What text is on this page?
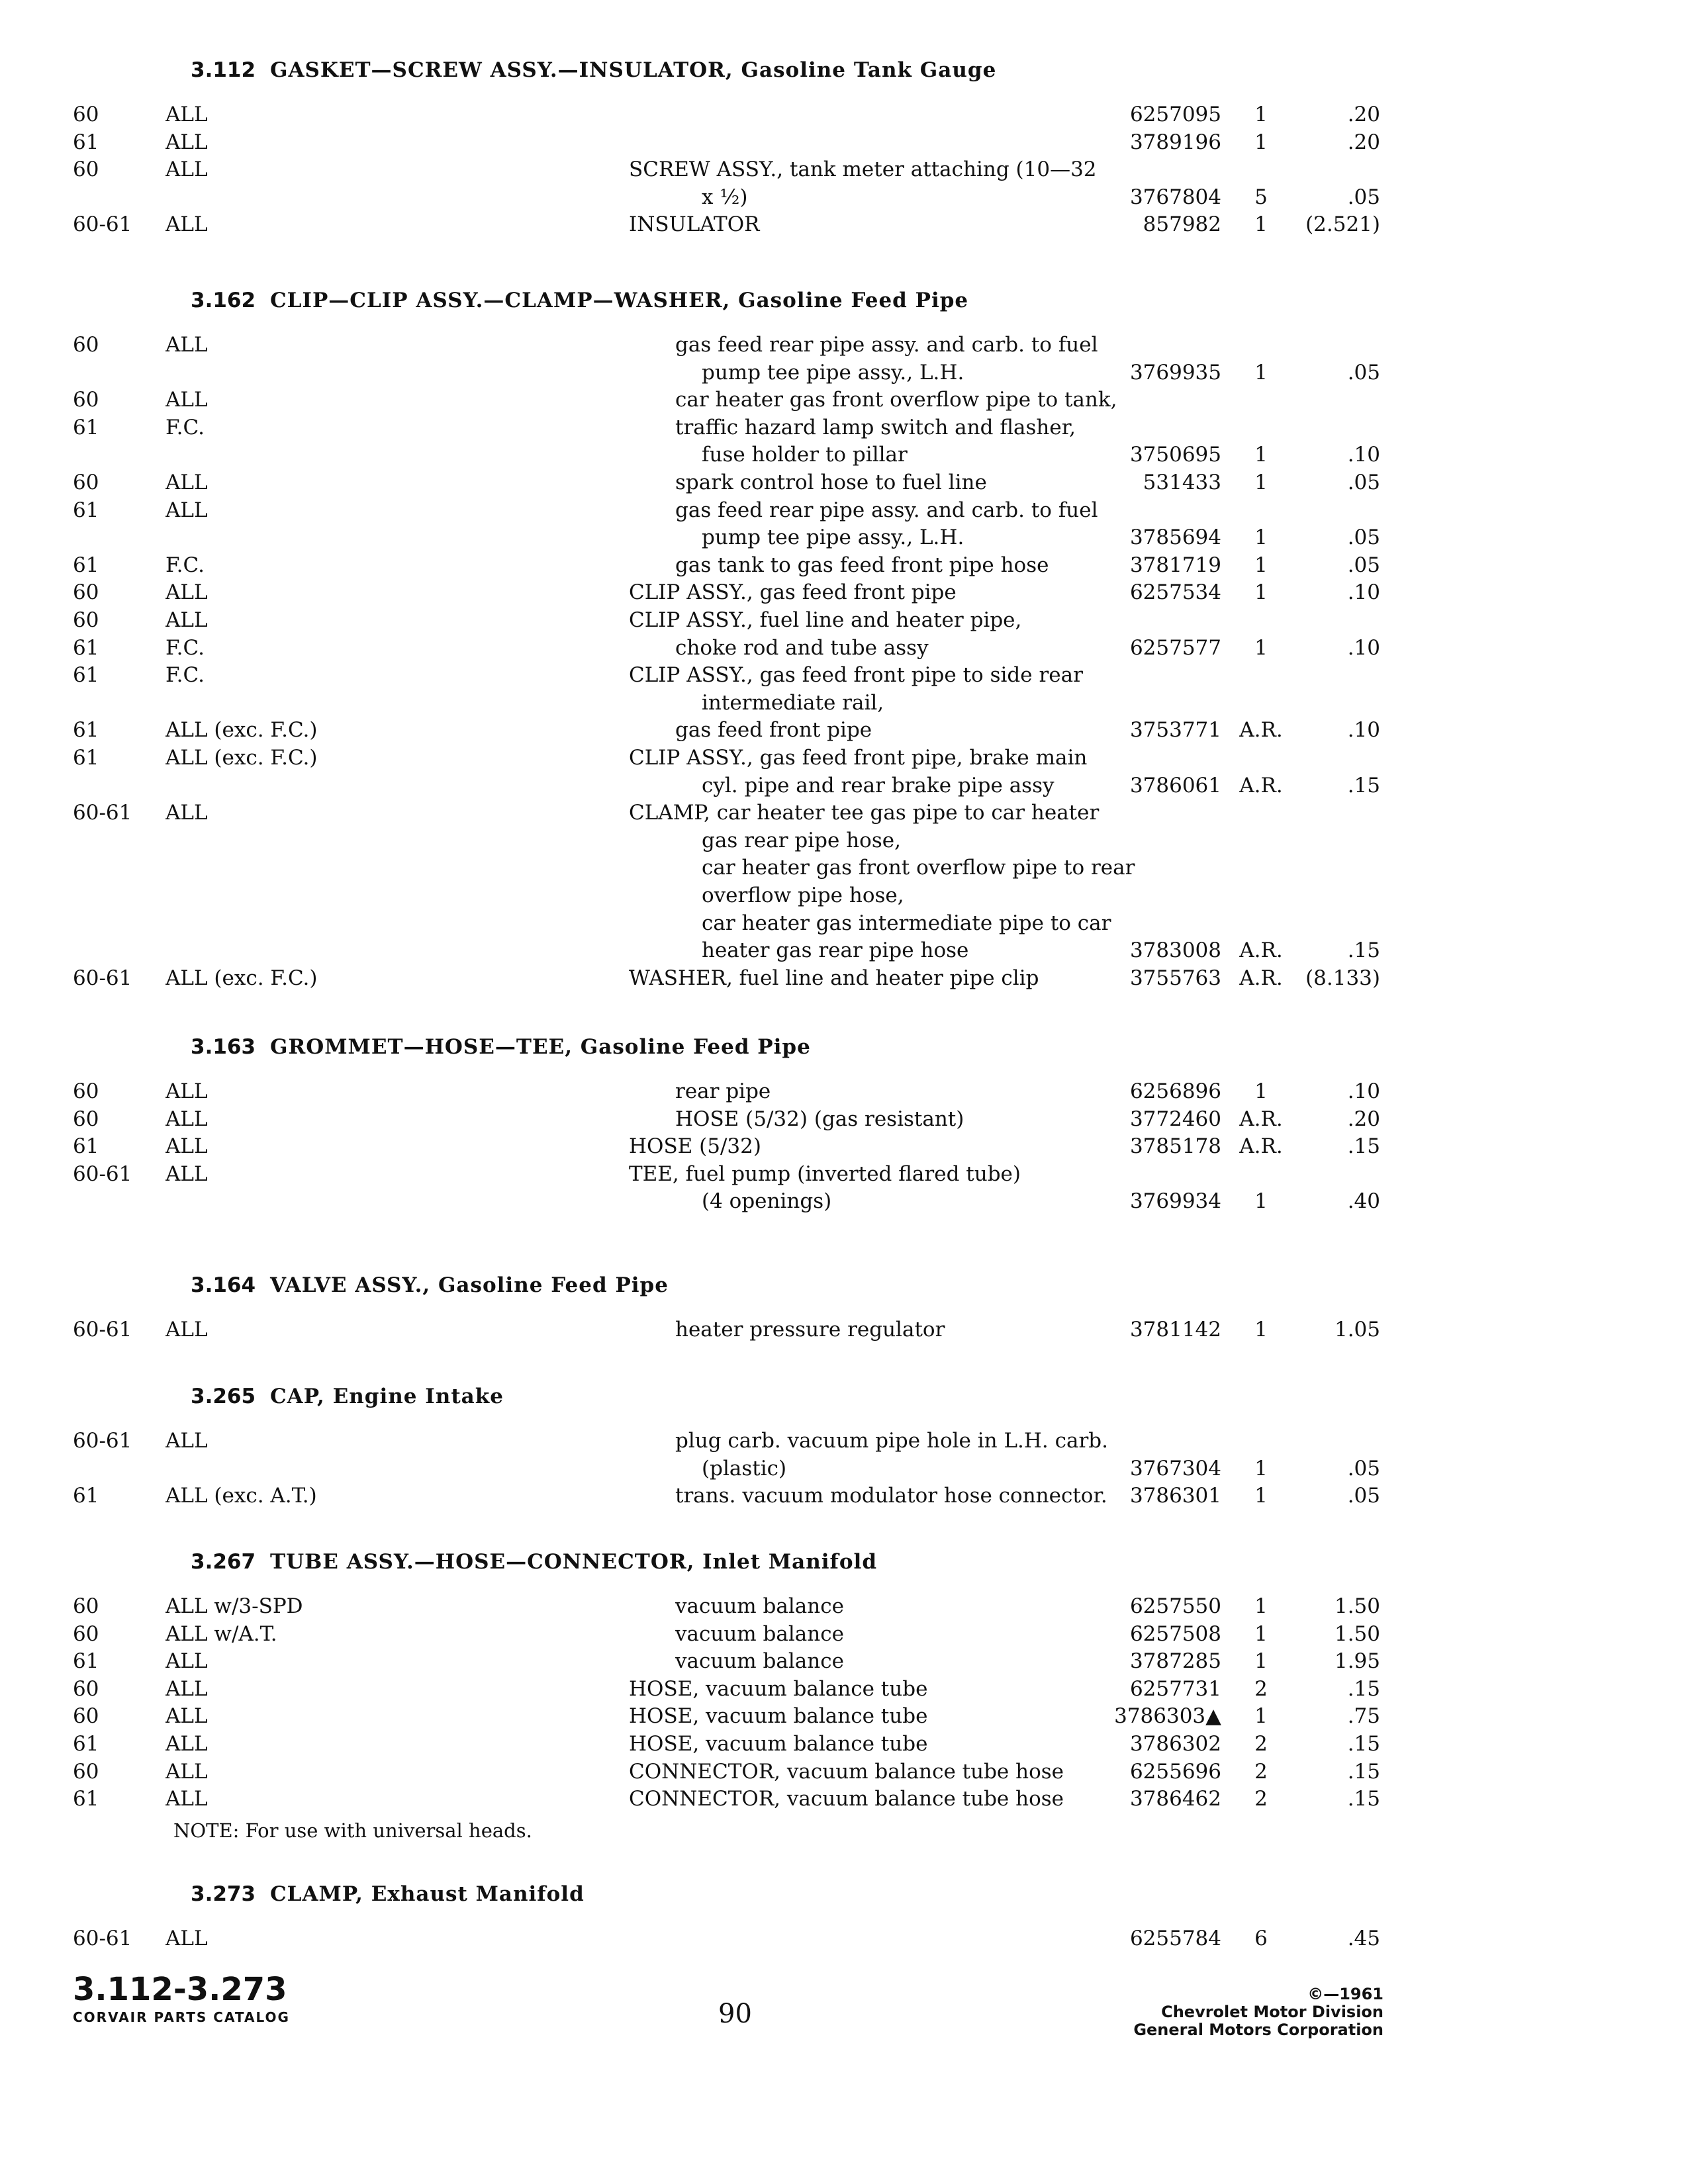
3.112-3.273
CORVAIR PARTS CATALOG	90
©—1961
Chevrolet Motor Division
General Motors Corporation
3.112 GASKET—SCREW ASSY.—INSULATOR, Gasoline Tank Gauge
60	ALL	6257095	1	.20
61	ALL	3789196	1	.20
60	ALL	SCREW ASSY., tank meter attaching (10—32
x ½)	3767804	5	.05
60-61	ALL	INSULATOR	857982	1	(2.521)
3.162 CLIP—CLIP ASSY.—CLAMP—WASHER, Gasoline Feed Pipe
60	ALL	gas feed rear pipe assy. and carb. to fuel
pump tee pipe assy., L.H.	3769935	1	.05
60	ALL	car heater gas front overflow pipe to tank,
61	F.C.	traffic hazard lamp switch and flasher,
fuse holder to pillar	3750695	1	.10
60	ALL	spark control hose to fuel line	531433	1	.05
61	ALL	gas feed rear pipe assy. and carb. to fuel
pump tee pipe assy., L.H.	3785694	1	.05
61	F.C.	gas tank to gas feed front pipe hose	3781719	1	.05
60	ALL	CLIP ASSY., gas feed front pipe	6257534	1	.10
60	ALL	CLIP ASSY., fuel line and heater pipe,
61	F.C.	choke rod and tube assy	6257577	1	.10
61	F.C.	CLIP ASSY., gas feed front pipe to side rear
intermediate rail,
61	ALL (exc. F.C.)	gas feed front pipe	3753771 A.R.	.10
61	ALL (exc. F.C.)	CLIP ASSY., gas feed front pipe, brake main
cyl. pipe and rear brake pipe assy	3786061 A.R.	.15
60-61	ALL	CLAMP, car heater tee gas pipe to car heater
gas rear pipe hose,
car heater gas front overflow pipe to rear
overflow pipe hose,
car heater gas intermediate pipe to car
heater gas rear pipe hose	3783008 A.R.	.15
60-61	ALL (exc. F.C.)	WASHER, fuel line and heater pipe clip	3755763 A.R.	(8.133)
3.163 GROMMET—HOSE—TEE, Gasoline Feed Pipe
60	ALL	rear pipe	6256896	1	.10
60	ALL	HOSE (5/32) (gas resistant)	3772460 A.R.	.20
61	ALL	HOSE (5/32)	3785178 A.R.	.15
60-61	ALL	TEE, fuel pump (inverted flared tube)
(4 openings)	3769934	1	.40
3.164 VALVE ASSY., Gasoline Feed Pipe
60-61	ALL	heater pressure regulator	3781142	1	1.05
3.265 CAP, Engine Intake
60-61	ALL	plug carb. vacuum pipe hole in L.H. carb.
(plastic)	3767304	1	.05
61	ALL (exc. A.T.)	trans. vacuum modulator hose connector.	3786301	1	.05
3.267 TUBE ASSY.—HOSE—CONNECTOR, Inlet Manifold
60	ALL w/3-SPD	vacuum balance	6257550	1	1.50
60	ALL w/A.T.	vacuum balance	6257508	1	1.50
61	ALL	vacuum balance	3787285	1	1.95
60	ALL	HOSE, vacuum balance tube	6257731	2	.15
60	ALL	HOSE, vacuum balance tube	3786303▲	1	.75
61	ALL	HOSE, vacuum balance tube	3786302	2	.15
60	ALL	CONNECTOR, vacuum balance tube hose	6255696	2	.15
61	ALL	CONNECTOR, vacuum balance tube hose	3786462	2	.15
NOTE: For use with universal heads.
3.273 CLAMP, Exhaust Manifold
60-61	ALL	6255784	6	.45
